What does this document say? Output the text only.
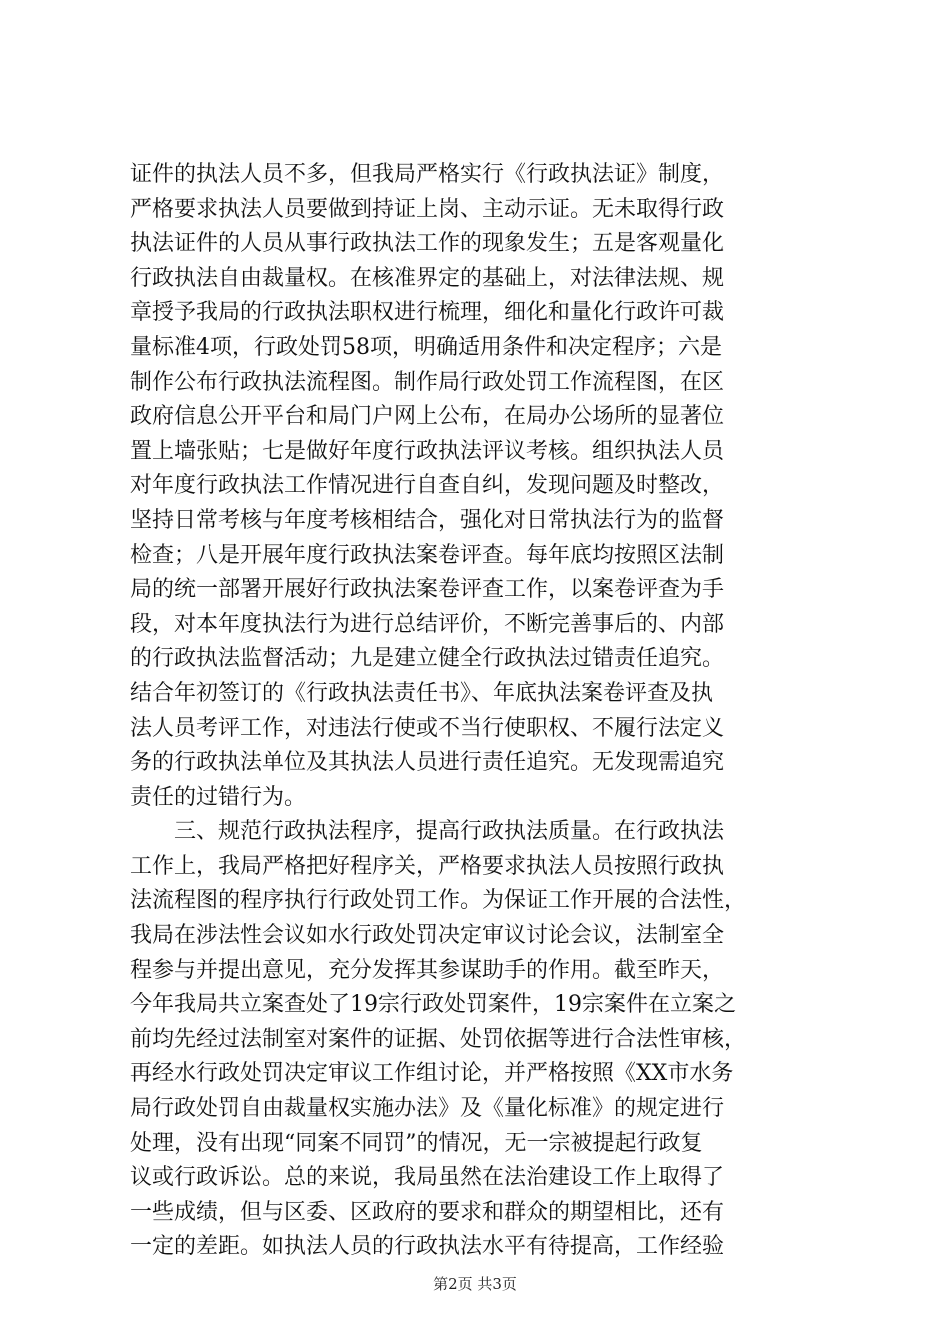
证件的执法人员不多，但我局严格实行《行政执法证》制度，
严格要求执法人员要做到持证上岗、主动示证。无未取得行政
执法证件的人员从事行政执法工作的现象发生；五是客观量化
行政执法自由裁量权。在核准界定的基础上，对法律法规、规
章授予我局的行政执法职权进行梳理，细化和量化行政许可裁
量标准4项，行政处罚58项，明确适用条件和决定程序；六是
制作公布行政执法流程图。制作局行政处罚工作流程图，在区
政府信息公开平台和局门户网上公布，在局办公场所的显著位
置上墙张贴；七是做好年度行政执法评议考核。组织执法人员
对年度行政执法工作情况进行自查自纠，发现问题及时整改，
坚持日常考核与年度考核相结合，强化对日常执法行为的监督
检查；八是开展年度行政执法案卷评查。每年底均按照区法制
局的统一部署开展好行政执法案卷评查工作，以案卷评查为手
段，对本年度执法行为进行总结评价，不断完善事后的、内部
的行政执法监督活动；九是建立健全行政执法过错责任追究。
结合年初签订的《行政执法责任书》、年底执法案卷评查及执
法人员考评工作，对违法行使或不当行使职权、不履行法定义
务的行政执法单位及其执法人员进行责任追究。无发现需追究
责任的过错行为。
　　三、规范行政执法程序，提高行政执法质量。在行政执法
工作上，我局严格把好程序关，严格要求执法人员按照行政执
法流程图的程序执行行政处罚工作。为保证工作开展的合法性，
我局在涉法性会议如水行政处罚决定审议讨论会议，法制室全
程参与并提出意见，充分发挥其参谋助手的作用。截至昨天，
今年我局共立案查处了19宗行政处罚案件，19宗案件在立案之
前均先经过法制室对案件的证据、处罚依据等进行合法性审核，
再经水行政处罚决定审议工作组讨论，并严格按照《XX市水务
局行政处罚自由裁量权实施办法》及《量化标准》的规定进行
处理，没有出现“同案不同罚”的情况，无一宗被提起行政复
议或行政诉讼。总的来说，我局虽然在法治建设工作上取得了
一些成绩，但与区委、区政府的要求和群众的期望相比，还有
一定的差距。如执法人员的行政执法水平有待提高，工作经验
第2页 共3页
